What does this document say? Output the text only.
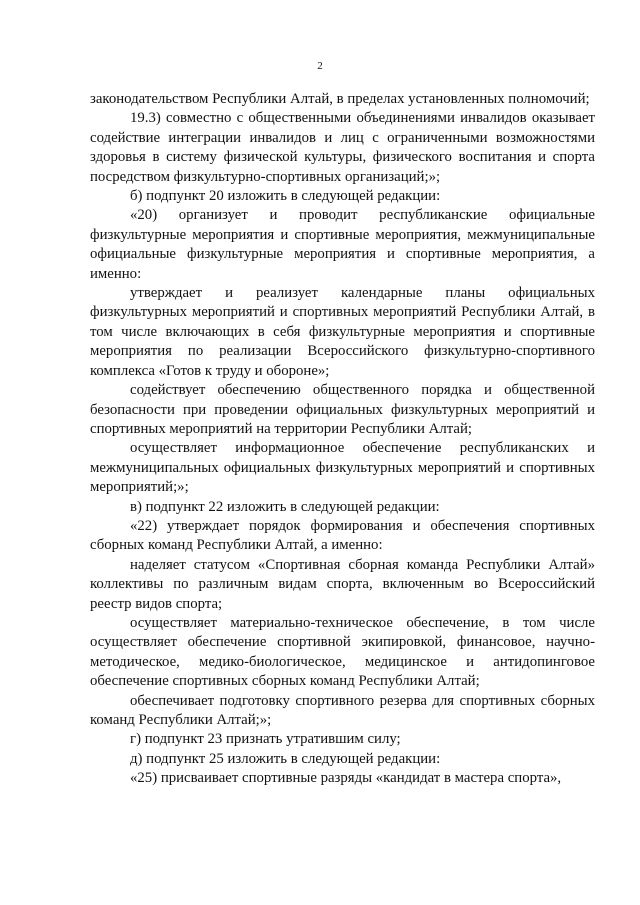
2

законодательством Республики Алтай, в пределах установленных полномочий;

19.3) совместно с общественными объединениями инвалидов оказывает содействие интеграции инвалидов и лиц с ограниченными возможностями здоровья в систему физической культуры, физического воспитания и спорта посредством физкультурно-спортивных организаций;»;

б) подпункт 20 изложить в следующей редакции:

«20) организует и проводит республиканские официальные физкультурные мероприятия и спортивные мероприятия, межмуниципальные официальные физкультурные мероприятия и спортивные мероприятия, а именно:

утверждает и реализует календарные планы официальных физкультурных мероприятий и спортивных мероприятий Республики Алтай, в том числе включающих в себя физкультурные мероприятия и спортивные мероприятия по реализации Всероссийского физкультурно-спортивного комплекса «Готов к труду и обороне»;

содействует обеспечению общественного порядка и общественной безопасности при проведении официальных физкультурных мероприятий и спортивных мероприятий на территории Республики Алтай;

осуществляет информационное обеспечение республиканских и межмуниципальных официальных физкультурных мероприятий и спортивных мероприятий;»;

в) подпункт 22 изложить в следующей редакции:

«22) утверждает порядок формирования и обеспечения спортивных сборных команд Республики Алтай, а именно:

наделяет статусом «Спортивная сборная команда Республики Алтай» коллективы по различным видам спорта, включенным во Всероссийский реестр видов спорта;

осуществляет материально-техническое обеспечение, в том числе осуществляет обеспечение спортивной экипировкой, финансовое, научно-методическое, медико-биологическое, медицинское и антидопинговое обеспечение спортивных сборных команд Республики Алтай;

обеспечивает подготовку спортивного резерва для спортивных сборных команд Республики Алтай;»;

г) подпункт 23 признать утратившим силу;

д) подпункт 25 изложить в следующей редакции:

«25) присваивает спортивные разряды «кандидат в мастера спорта»,
